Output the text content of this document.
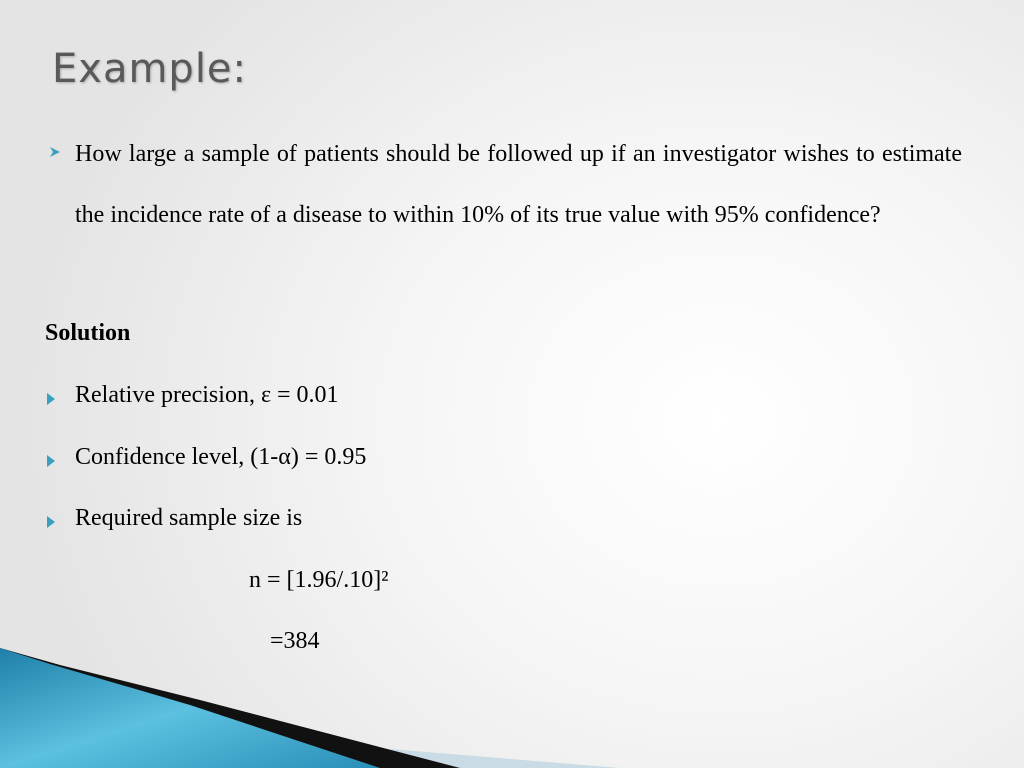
Example:
How large a sample of patients should be followed up if an investigator wishes to estimate the incidence rate of a disease to within 10% of its true value with 95% confidence?
Solution
Relative precision, ε = 0.01
Confidence level, (1-α) = 0.95
Required sample size is
n = [1.96/.10]²
=384
